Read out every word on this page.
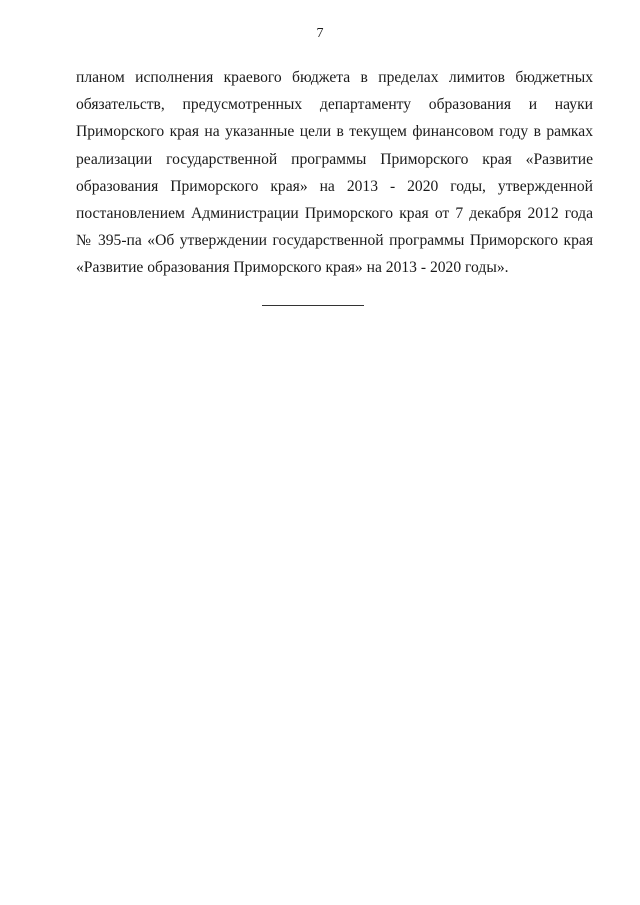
7
планом исполнения краевого бюджета в пределах лимитов бюджетных
обязательств, предусмотренных департаменту образования и науки
Приморского края на указанные цели в текущем финансовом году в рамках
реализации государственной программы Приморского края «Развитие
образования Приморского края» на 2013 - 2020 годы, утвержденной
постановлением Администрации Приморского края от 7 декабря 2012 года
№ 395-па «Об утверждении государственной программы Приморского края
«Развитие образования Приморского края» на 2013 - 2020 годы».
